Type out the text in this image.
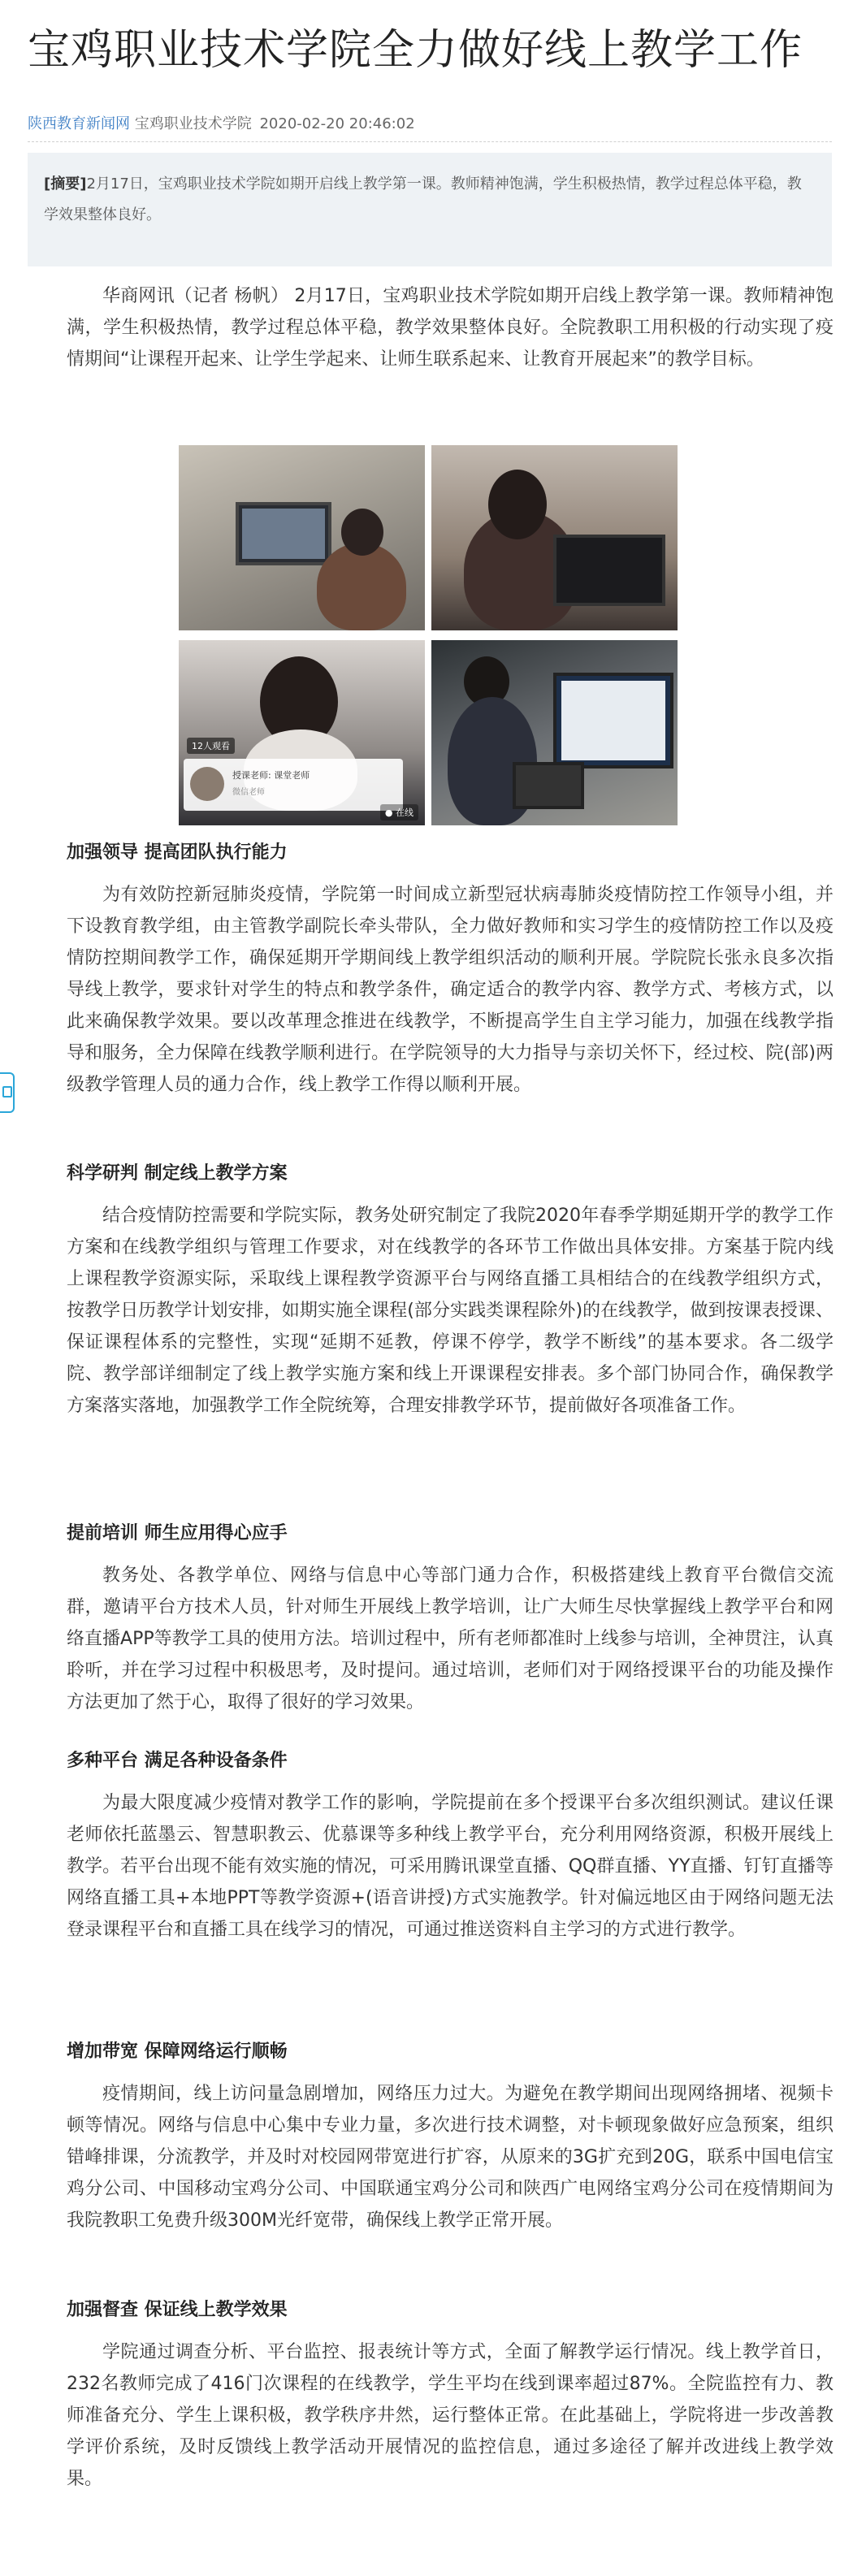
宝鸡职业技术学院全力做好线上教学工作
陕西教育新闻网 宝鸡职业技术学院 2020-02-20 20:46:02
[摘要]2月17日，宝鸡职业技术学院如期开启线上教学第一课。教师精神饱满，学生积极热情，教学过程总体平稳，教学效果整体良好。

华商网讯（记者 杨帆） 2月17日，宝鸡职业技术学院如期开启线上教学第一课。教师精神饱满，学生积极热情，教学过程总体平稳，教学效果整体良好。全院教职工用积极的行动实现了疫情期间“让课程开起来、让学生学起来、让师生联系起来、让教育开展起来”的教学目标。

12人观看
授课老师: 课堂老师
微信老师
● 在线
加强领导 提高团队执行能力

为有效防控新冠肺炎疫情，学院第一时间成立新型冠状病毒肺炎疫情防控工作领导小组，并下设教育教学组，由主管教学副院长牵头带队，全力做好教师和实习学生的疫情防控工作以及疫情防控期间教学工作，确保延期开学期间线上教学组织活动的顺利开展。学院院长张永良多次指导线上教学，要求针对学生的特点和教学条件，确定适合的教学内容、教学方式、考核方式，以此来确保教学效果。要以改革理念推进在线教学，不断提高学生自主学习能力，加强在线教学指导和服务，全力保障在线教学顺利进行。在学院领导的大力指导与亲切关怀下，经过校、院(部)两级教学管理人员的通力合作，线上教学工作得以顺利开展。

科学研判 制定线上教学方案

结合疫情防控需要和学院实际，教务处研究制定了我院2020年春季学期延期开学的教学工作方案和在线教学组织与管理工作要求，对在线教学的各环节工作做出具体安排。方案基于院内线上课程教学资源实际，采取线上课程教学资源平台与网络直播工具相结合的在线教学组织方式，按教学日历教学计划安排，如期实施全课程(部分实践类课程除外)的在线教学，做到按课表授课、保证课程体系的完整性，实现“延期不延教，停课不停学，教学不断线”的基本要求。各二级学院、教学部详细制定了线上教学实施方案和线上开课课程安排表。多个部门协同合作，确保教学方案落实落地，加强教学工作全院统筹，合理安排教学环节，提前做好各项准备工作。

提前培训 师生应用得心应手

教务处、各教学单位、网络与信息中心等部门通力合作，积极搭建线上教育平台微信交流群，邀请平台方技术人员，针对师生开展线上教学培训，让广大师生尽快掌握线上教学平台和网络直播APP等教学工具的使用方法。培训过程中，所有老师都准时上线参与培训，全神贯注，认真聆听，并在学习过程中积极思考，及时提问。通过培训，老师们对于网络授课平台的功能及操作方法更加了然于心，取得了很好的学习效果。

多种平台 满足各种设备条件

为最大限度减少疫情对教学工作的影响，学院提前在多个授课平台多次组织测试。建议任课老师依托蓝墨云、智慧职教云、优慕课等多种线上教学平台，充分利用网络资源，积极开展线上教学。若平台出现不能有效实施的情况，可采用腾讯课堂直播、QQ群直播、YY直播、钉钉直播等网络直播工具+本地PPT等教学资源+(语音讲授)方式实施教学。针对偏远地区由于网络问题无法登录课程平台和直播工具在线学习的情况，可通过推送资料自主学习的方式进行教学。

增加带宽 保障网络运行顺畅

疫情期间，线上访问量急剧增加，网络压力过大。为避免在教学期间出现网络拥堵、视频卡顿等情况。网络与信息中心集中专业力量，多次进行技术调整，对卡顿现象做好应急预案，组织错峰排课，分流教学，并及时对校园网带宽进行扩容，从原来的3G扩充到20G，联系中国电信宝鸡分公司、中国移动宝鸡分公司、中国联通宝鸡分公司和陕西广电网络宝鸡分公司在疫情期间为我院教职工免费升级300M光纤宽带，确保线上教学正常开展。

加强督查 保证线上教学效果

学院通过调查分析、平台监控、报表统计等方式，全面了解教学运行情况。线上教学首日，232名教师完成了416门次课程的在线教学，学生平均在线到课率超过87%。全院监控有力、教师准备充分、学生上课积极，教学秩序井然，运行整体正常。在此基础上，学院将进一步改善教学评价系统，及时反馈线上教学活动开展情况的监控信息，通过多途径了解并改进线上教学效果。
